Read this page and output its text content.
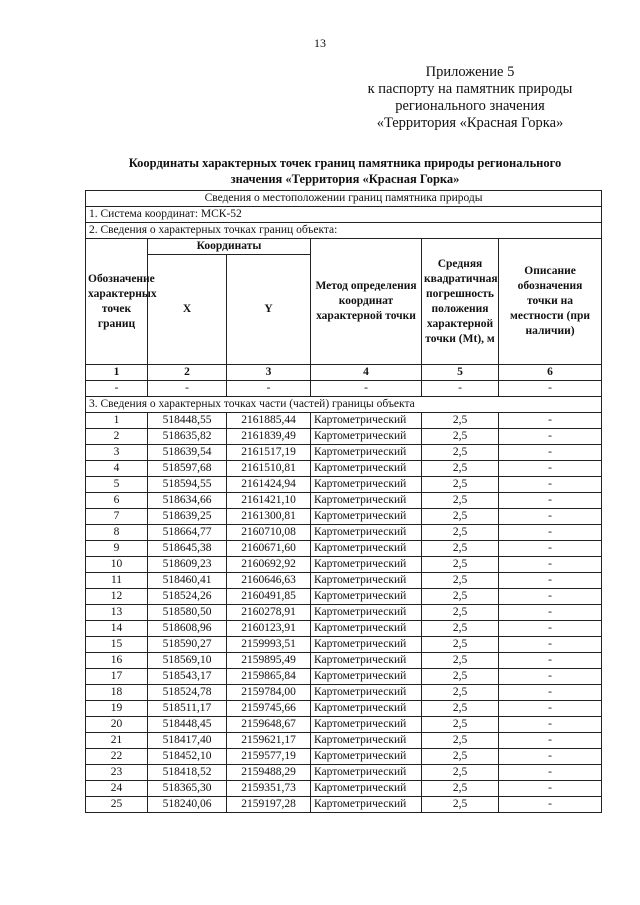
13
Приложение 5
к паспорту на памятник природы
регионального значения
«Территория «Красная Горка»
Координаты характерных точек границ памятника природы регионального
значения «Территория «Красная Горка»
Сведения о местоположении границ памятника природы					
1. Система координат: МСК-52					
2. Сведения о характерных точках границ объекта:					
Обозначение характерных точек границ	Координаты		Метод определения координат характерной точки	Средняя квадратичная погрешность положения характерной точки (Mt), м	Описание обозначения точки на местности (при наличии)
	X	Y			
1	2	3	4	5	6
-	-	-	-	-	-
3. Сведения о характерных точках части (частей) границы объекта					
1	518448,55	2161885,44	Картометрический	2,5	-
2	518635,82	2161839,49	Картометрический	2,5	-
3	518639,54	2161517,19	Картометрический	2,5	-
4	518597,68	2161510,81	Картометрический	2,5	-
5	518594,55	2161424,94	Картометрический	2,5	-
6	518634,66	2161421,10	Картометрический	2,5	-
7	518639,25	2161300,81	Картометрический	2,5	-
8	518664,77	2160710,08	Картометрический	2,5	-
9	518645,38	2160671,60	Картометрический	2,5	-
10	518609,23	2160692,92	Картометрический	2,5	-
11	518460,41	2160646,63	Картометрический	2,5	-
12	518524,26	2160491,85	Картометрический	2,5	-
13	518580,50	2160278,91	Картометрический	2,5	-
14	518608,96	2160123,91	Картометрический	2,5	-
15	518590,27	2159993,51	Картометрический	2,5	-
16	518569,10	2159895,49	Картометрический	2,5	-
17	518543,17	2159865,84	Картометрический	2,5	-
18	518524,78	2159784,00	Картометрический	2,5	-
19	518511,17	2159745,66	Картометрический	2,5	-
20	518448,45	2159648,67	Картометрический	2,5	-
21	518417,40	2159621,17	Картометрический	2,5	-
22	518452,10	2159577,19	Картометрический	2,5	-
23	518418,52	2159488,29	Картометрический	2,5	-
24	518365,30	2159351,73	Картометрический	2,5	-
25	518240,06	2159197,28	Картометрический	2,5	-
